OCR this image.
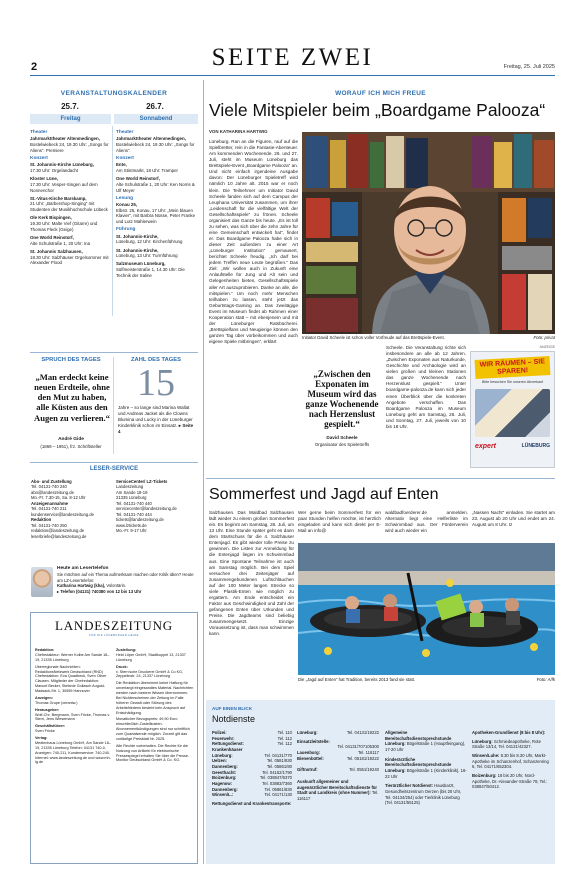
2	SEITE ZWEI	Freitag, 25. Juli 2025
VERANSTALTUNGSKALENDER
25.7.	26.7.
Freitag	Sonnabend
Theater
Jahrmarkttheater Altenmedingen,
Bostelwiebeck 24, 19.30 Uhr: „Songs for Aliens“. Premiere
Konzert
St. Johannis-Kirche Lüneburg,
17.30 Uhr: Orgelandacht
Kloster Lüne,
17.30 Uhr: Vesper-Singen auf dem Nonnenchor
St.-Vitus-Kirche Barskamp,
21 Uhr: „Barbershop-Singing“ mit Studenten der Musikhochschule Lübeck
Ole Kerk Bispingen,
19.30 Uhr: Malte Vief (Gitarre) und Thomas Fleck (Geige)
One World Reinstorf,
Alte Schulstraße 1, 20 Uhr: Ina
St. Johannis Salzhausen,
18.30 Uhr: Salzhäuser Orgelsommer mit Alexander Flood
Theater
Jahrmarkttheater Altenmedingen,
Bostelwiebeck 24, 19.30 Uhr: „Songs for Aliens“.
Konzert
Ente,
Am Stintmarkt, 18 Uhr: Tramper
One World Reinstorf,
Alte Schulstraße 1, 20 Uhr: Ken Norris & Ulf Meyer
Lesung
Konau 25,
Elbstr. 25, Konau, 17 Uhr: „Mein blauen Klavier“, mit Barbra Nüsse, Peter Franke und Lutz Mahlerwein
Führung
St. Johannis-Kirche,
Lüneburg, 12 Uhr: Kirchenführung
St. Johannis-Kirche,
Lüneburg, 13 Uhr: Turmführung
Salzmuseum Lüneburg,
Sülfmeisterstraße 1, 14.30 Uhr: Die Technik der Saline
SPRUCH DES TAGES
„Man erdeckt keine neuen Erdteile, ohne den Mut zu haben, alle Küsten aus den Augen zu verlieren.“
André Gide
(1869 – 1951), frz. Schriftsteller
ZAHL DES TAGES
15
Jahre – so lange sind Marina Wallat und Andreas Jacket als die Clowns Blumina und Lucky in der Lüneburger Kinderklinik schon im Einsatz. ▸ Seite 4
LESER-SERVICE
Abo- und Zustellung
Tel. 04131-740 240
abo@landeszeitung.de
Mo.-Fr. 7.30-15, Sa. 8-12 Uhr
Anzeigenannahme
Tel. 04131-740 211
kundenservice@landeszeitung.de
Redaktion
Tel. 04131-740 250
redaktion@landeszeitung.de
leserbriefe@landeszeitung.de
ServiceCenter/ LZ-Tickets
Landeszeitung
Am Sande 18-19
21335 Lüneburg
Tel. 04131-740 440
servicecenter@landeszeitung.de
Tel. 04131-740 444
tickets@landeszeitung.de
www.lztickets.de
Mo.-Fr. 9-17 Uhr
Heute am Lesertelefon
Sie möchten auf ein Thema aufmerksam machen oder Kritik üben? Heute am LZ-Lesertelefon:
Katharina Hartwig (kha), Volontärin.
▸ Telefon (04131) 740380 von 12 bis 13 Uhr
LANDESZEITUNG
FÜR DIE LÜNEBURGER HEIDE
Redaktion:
Chefredakteur: Werner Kolbe Am Sande 18–19, 21335 Lüneburg
Überregionale Nachrichten: RedaktionsNetzwerk Deutschland (RND) Chefredaktion: Eva Quadbeck, Sven Oliver Clausen. Mitglieder der Chefredaktion: Manuel Becker, Stefanie Gollasch August-Madsack-Str. 1, 30559 Hannover
Anzeigen:
Thomas Grupe (verantw.)
Herausgeber:
Wolf-Chr. Bergmann, Sven Fricke, Thomas v. Stern, Jens Wiesemann
Geschäftsführer:
Sven Fricke
Verlag:
Medienhaus Lüneburg GmbH, Am Sande 18–19, 21335 Lüneburg Telefon: 04131 740-0, Anzeigen: 740-211, Kundenservice: 740-240, Internet: www.landeszeitung.de und www.mh-lg.de
Zustellung:
Heid Löper GmbH, Stadtkoppel 13, 21337 Lüneburg
Druck:
v. Stern'sche Druckerei GmbH & Co KG, Zeppelinstr. 24, 21337 Lüneburg
Die Redaktion übernimmt keine Haftung für unverlangt eingesandtes Material. Nachrichten werden nach bestem Wissen übernommen. Bei Nichterscheinen der Zeitung im Falle höherer Gewalt oder Störung des Arbeitsfriedens besteht kein Anspruch auf Entschädigung.
Monatlicher Bezugspreis: 49,90 Euro einschließlich Zustellkosten. Abonnementkündigungen sind nur schriftlich zum Quartalsende möglich. Zurzeit gilt das vorläufige Preisblatt Nr. 2025.
Alle Rechte vorbehalten. Die Rechte für die Nutzung von Artikeln für elektronische Pressespiegel erhalten Sie über die Presse-Monitor Deutschland GmbH & Co. KG.
WORAUF ICH MICH FREUE
Viele Mitspieler beim „Boardgame Palooza“
VON KATHARINA HARTWIG
Lüneburg. Ran an die Figuren, rauf auf die Spielbretter, rein in die Fantasie-Abenteuer. Am kommenden Wochenende, 26. und 27. Juli, steht im Museum Lüneburg das Brettspiele-Event „Boardgame Palooza“ an. Und nicht einfach irgendeine Ausgabe davon: Der Lüneburger Spieletreff wird nämlich 10 Jahre alt. 2015 war er noch klein. Die Teilnehmer um Initiator David Scheele fanden sich auf dem Campus der Leuphana Universität zusammen, um ihrer „Leidenschaft für die vielfältige Welt der Gesellschaftsspiele“ zu frönen. Scheele organisiert das Ganze bis heute. „Es ist toll zu sehen, was sich über die zehn Jahre für eine Gemeinschaft entwickelt hat“, findet er. Das Boardgame Palooza habe sich in dieser Zeit außerdem zu einer Art „Lüneburger Institution“ gemausert, berichtet Scheele freudig. „Ich darf bei jedem Treffen neue Leute begrüßen.“ Das Ziel: „Wir wollen auch in Zukunft eine Anlaufstelle für Jung und Alt sein und Gelegenheiten bieten, Gesellschaftsspiele aller Art auszuprobieren. Danke an alle, die mitspielen.“ Um noch mehr Menschen teilhaben zu lassen, steht jetzt das Geburtstags-Gaming an. Das zweitägige Event im Museum findet ab Rahmen einer Kooperation statt – mit ebenjenem und mit der Lüneburger Ratsbücherei. „Brettspielfans und Neugierige können den ganzen Tag über vorbeikommen und auch eigene Spiele mitbringen“, erklärt
Initiator David Scheele ist schon voller Vorfreude auf das Brettspiele-Event.	Foto: privat
„Zwischen den Exponaten im Museum wird das ganze Wochenende nach Herzenslust gespielt.“
David Scheele
Organisator des Spieletreffs
Scheele. Die Veranstaltung richte sich insbesondere an alle ab 12 Jahren. „Zwischen Exponaten aus Naturkunde, Geschichte und Archäologie wird an vielen großen und kleinen Stationen das ganze Wochenende nach Herzenslust gespielt.“ Unter boardgame-palooza.de kann sich jeder einen Überblick über die konkreten Angebote verschaffen. Das Boardgame Palooza im Museum Lüneburg geht am Samstag, 26. Juli, und Sonntag, 27. Juli, jeweils von 10 bis 18 Uhr.
ANZEIGE
WIR RÄUMEN – SIE SPAREN!
Bitte besuchen Sie unseren Abverkauf
expert	LÜNEBURG
Sommerfest und Jagd auf Enten
Salzhausen. Das Waldbad Salzhausen lädt wieder zu einem großen Sommerfest ein. Es beginnt am Samstag, 26. Juli, um 13 Uhr. Eine Stunde später geht es dann dem Startschuss für die 4. Salzhäuser Entenjagd. Es gibt wieder tolle Preise zu gewinnen. Die Listen zur Anmeldung für die Entenjagd liegen im Schwimmbad aus. Eine Spontane Teilnahme ist auch am Samstag möglich. Bei dem Spiel versuchen drei Zeitenjäger auf zusammengebundenen Luftschläuchen auf der 100 Meter langen Strecke so viele Plastik-Enten wie möglich zu ergattern. Am Ende entscheidet ein Faktor aus Geschwindigkeit und Zahl der gefangenen Enten über Urkunden und Preise. Die Jagdteams sind beliebig zusammengesetzt. Einzige Voraussetzung ist, dass man schwimmen kann.
Wer gerne beim Sommerfest für ein paar Stunden helfen möchte, ist herzlich eingeladen und kann sich direkt per E-Mail an info@
waldbadfoerderer.de anmelden. Alternativ liegt eine Helferliste im Schwimmbad aus. Der Förderverein wird auch wieder ein
„Nassen Nacht“ einladen. Sie startet am 23. August ab 20 Uhr und endet am 24. August um 8 Uhr. Iz
Die „Jagd auf Enten“ hat Tradition, bereits 2013 fand sie statt.	Foto: A/fk
AUF EINEN BLICK
Notdienste
Polizei:	Tel. 110
Feuerwehr:	Tel. 112
Rettungsdienst:	Tel. 112
Krankenhäuser
Lüneburg:	Tel. 04131/770
Uelzen:	Tel. 0581/830
Dannenberg:	Tel. 05861/80
Geesthacht:	Tel. 04152/1790
Boizenburg:	Tel. 038847/6370
Hagenow:	Tel. 03883/7360
Dannenberg:	Tel. 05861/830
Winsen/L.:	Tel. 04171/130
Rettungsdienst und Krankentransporte:
Lüneburg:	Tel. 04131/19222
Einsatzleitstelle:
Tel. 04131/707105300
Lauenburg:	Tel. 116117
Bienenbüttel:	Tel. 05181/19222
Giftnotruf:	Tel. 0551/19240
Auskunft allgemeiner und augenärztlicher Bereitschaftsdienste für Stadt und Landkreis (ohne Nummer): Tel. 116117
Allgemeine Bereitschaftsdienstsprechstunde Lüneburg: Bögelstraße 1 (Hauptfeingang), 17-20 Uhr
Kinderärztliche Bereitschaftsdienstsprechstunde Lüneburg: Bögelstraße 1 (Kinderklinik), 16-22 Uhr
Tierärztlicher Notdienst: Hausbarzt, Gesundheitszentrum Oerzen (bis 20 Uhr, Tel. 04134/254) oder Tierklinik Lüneburg (Tel. 04131/55125)
Apotheken-Grundlienst (8 bis 8 Uhr):
Lüneburg: Schmiedeapotheke, Rote Straße 13/14, Tel. 04131/42327.
Winsen/Luhe: 8.30 bis 8.30 Uhr, Markt-Apotheke im Schanzenhof, Schanzenring 6, Tel. 04171/652304.
Boizenburg: 18 bis 20 Uhr, Nord-Apotheke, Dr.-Alexander-Straße 78, Tel.: 038847/50412.
